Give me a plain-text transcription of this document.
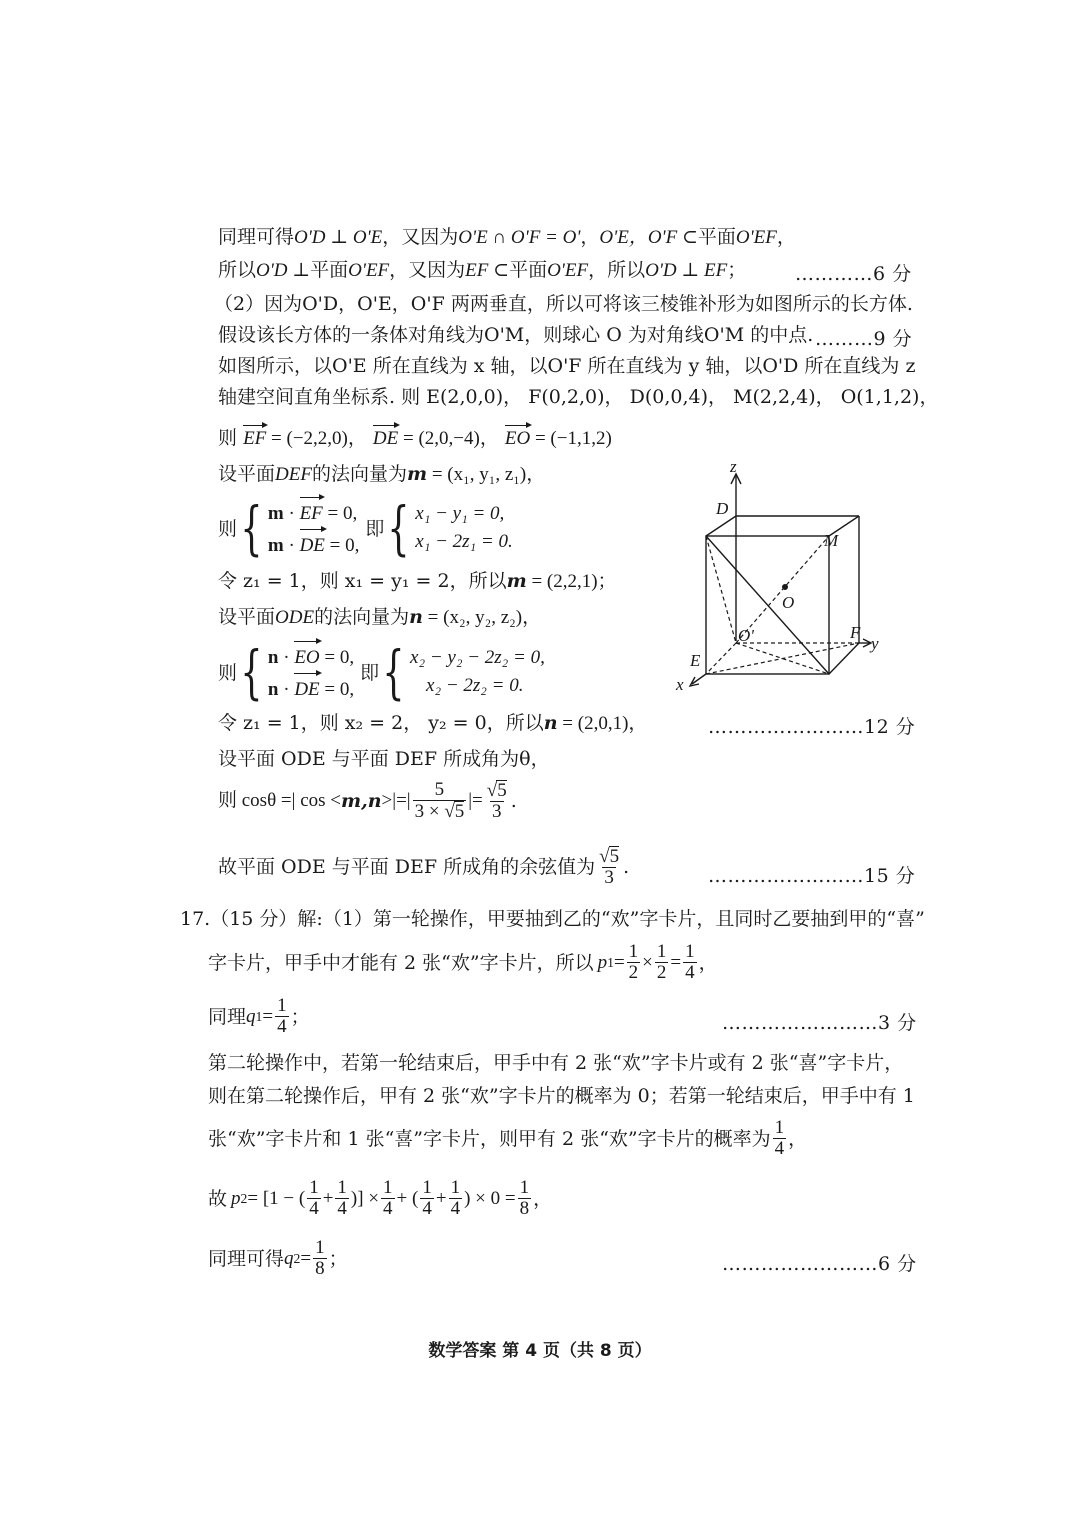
同理可得O'D ⊥ O'E，又因为O'E ∩ O'F = O'，O'E，O'F ⊂平面O'EF，
所以O'D ⊥平面O'EF，又因为EF ⊂平面O'EF，所以O'D ⊥ EF；	…………6 分
（2）因为O'D，O'E，O'F 两两垂直，所以可将该三棱锥补形为如图所示的长方体.
假设该长方体的一条体对角线为O'M，则球心 O 为对角线O'M 的中点. ………9 分
如图所示，以O'E 所在直线为 x 轴，以O'F 所在直线为 y 轴，以O'D 所在直线为 z
轴建空间直角坐标系. 则 E(2,0,0)， F(0,2,0)， D(0,0,4)， M(2,2,4)， O(1,1,2)，
则 EF = (−2,2,0)， DE = (2,0,−4)， EO = (−1,1,2)
设平面DEF的法向量为m = (x₁, y₁, z₁)，
则 { m · EF = 0,
m · DE = 0,
即 { x₁ − y₁ = 0,
x₁ − 2z₁ = 0.
令 z₁ = 1，则 x₁ = y₁ = 2，所以m = (2,2,1)；
设平面ODE的法向量为n = (x₂, y₂, z₂)，
则 { n · EO = 0,
n · DE = 0,
即 { x₂ − y₂ − 2z₂ = 0,
x₂ − 2z₂ = 0.
令 z₁ = 1，则 x₂ = 2， y₂ = 0，所以n = (2,0,1)，	……………………12 分
设平面 ODE 与平面 DEF 所成角为θ，
则 cosθ =| cos < m,n >|=| $\frac{5}{3 \times √5}$ |= $\frac{√5}{3}$ .
故平面 ODE 与平面 DEF 所成角的余弦值为 $\frac{√5}{3}$ .	……………………15 分
17.（15 分）解:（1）第一轮操作，甲要抽到乙的“欢”字卡片，且同时乙要抽到甲的“喜”
字卡片，甲手中才能有 2 张“欢”字卡片，所以 p $1 = \frac{1}{2} \times \frac{1}{2} = \frac{1}{4}$ ，
同理 q $1 = \frac{1}{4}$ ；	……………………3 分
第二轮操作中，若第一轮结束后，甲手中有 2 张“欢”字卡片或有 2 张“喜”字卡片，
则在第二轮操作后，甲有 2 张“欢”字卡片的概率为 0；若第一轮结束后，甲手中有 1
张“欢”字卡片和 1 张“喜”字卡片，则甲有 2 张“欢”字卡片的概率为 $\frac{1}{4}$ ，
故 p 2 = [1 − ( $\frac{1}{4} + \frac{1}{4}$ )] × $\frac{1}{4}$ + ( $\frac{1}{4} + \frac{1}{4}$ ) × $0 = \frac{1}{8}$ ，
同理可得 q $2 = \frac{1}{8}$ ；	……………………6 分
z
D
M
O
O'	F
y
E
x
数学答案 第 4 页（共 8 页）
